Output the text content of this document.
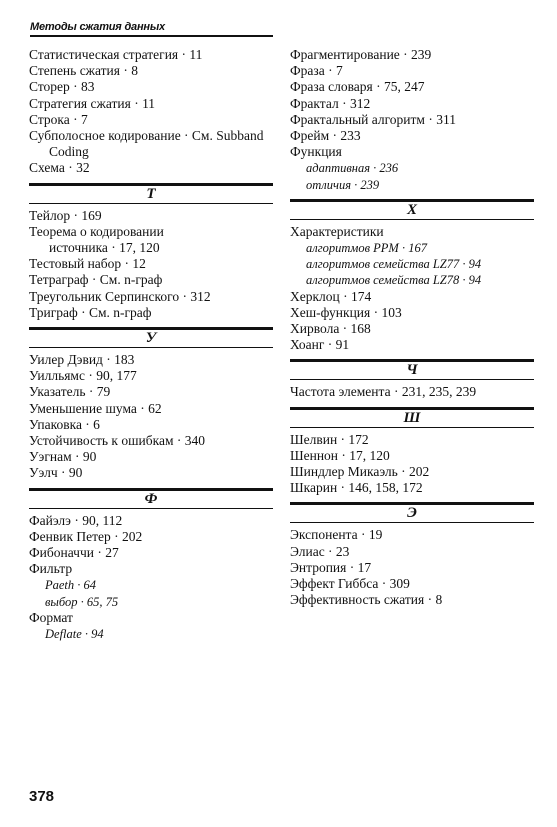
Методы сжатия данных
Статистическая стратегия · 11
Степень сжатия · 8
Сторер · 83
Стратегия сжатия · 11
Строка · 7
Субполосное кодирование · См. Subband
Coding
Схема · 32
Т
Тейлор · 169
Теорема о кодировании
источника · 17, 120
Тестовый набор · 12
Тетраграф · См. n-граф
Треугольник Серпинского · 312
Триграф · См. n-граф
У
Уилер Дэвид · 183
Уилльямс · 90, 177
Указатель · 79
Уменьшение шума · 62
Упаковка · 6
Устойчивость к ошибкам · 340
Уэгнам · 90
Уэлч · 90
Ф
Файэлэ · 90, 112
Фенвик Петер · 202
Фибоначчи · 27
Фильтр
Paeth · 64
выбор · 65, 75
Формат
Deflate · 94
Фрагментирование · 239
Фраза · 7
Фраза словаря · 75, 247
Фрактал · 312
Фрактальный алгоритм · 311
Фрейм · 233
Функция
адаптивная · 236
отличия · 239
Х
Характеристики
алгоритмов PPM · 167
алгоритмов семейства LZ77 · 94
алгоритмов семейства LZ78 · 94
Херклоц · 174
Хеш-функция · 103
Хирвола · 168
Хоанг · 91
Ч
Частота элемента · 231, 235, 239
Ш
Шелвин · 172
Шеннон · 17, 120
Шиндлер Микаэль · 202
Шкарин · 146, 158, 172
Э
Экспонента · 19
Элиас · 23
Энтропия · 17
Эффект Гиббса · 309
Эффективность сжатия · 8
378
